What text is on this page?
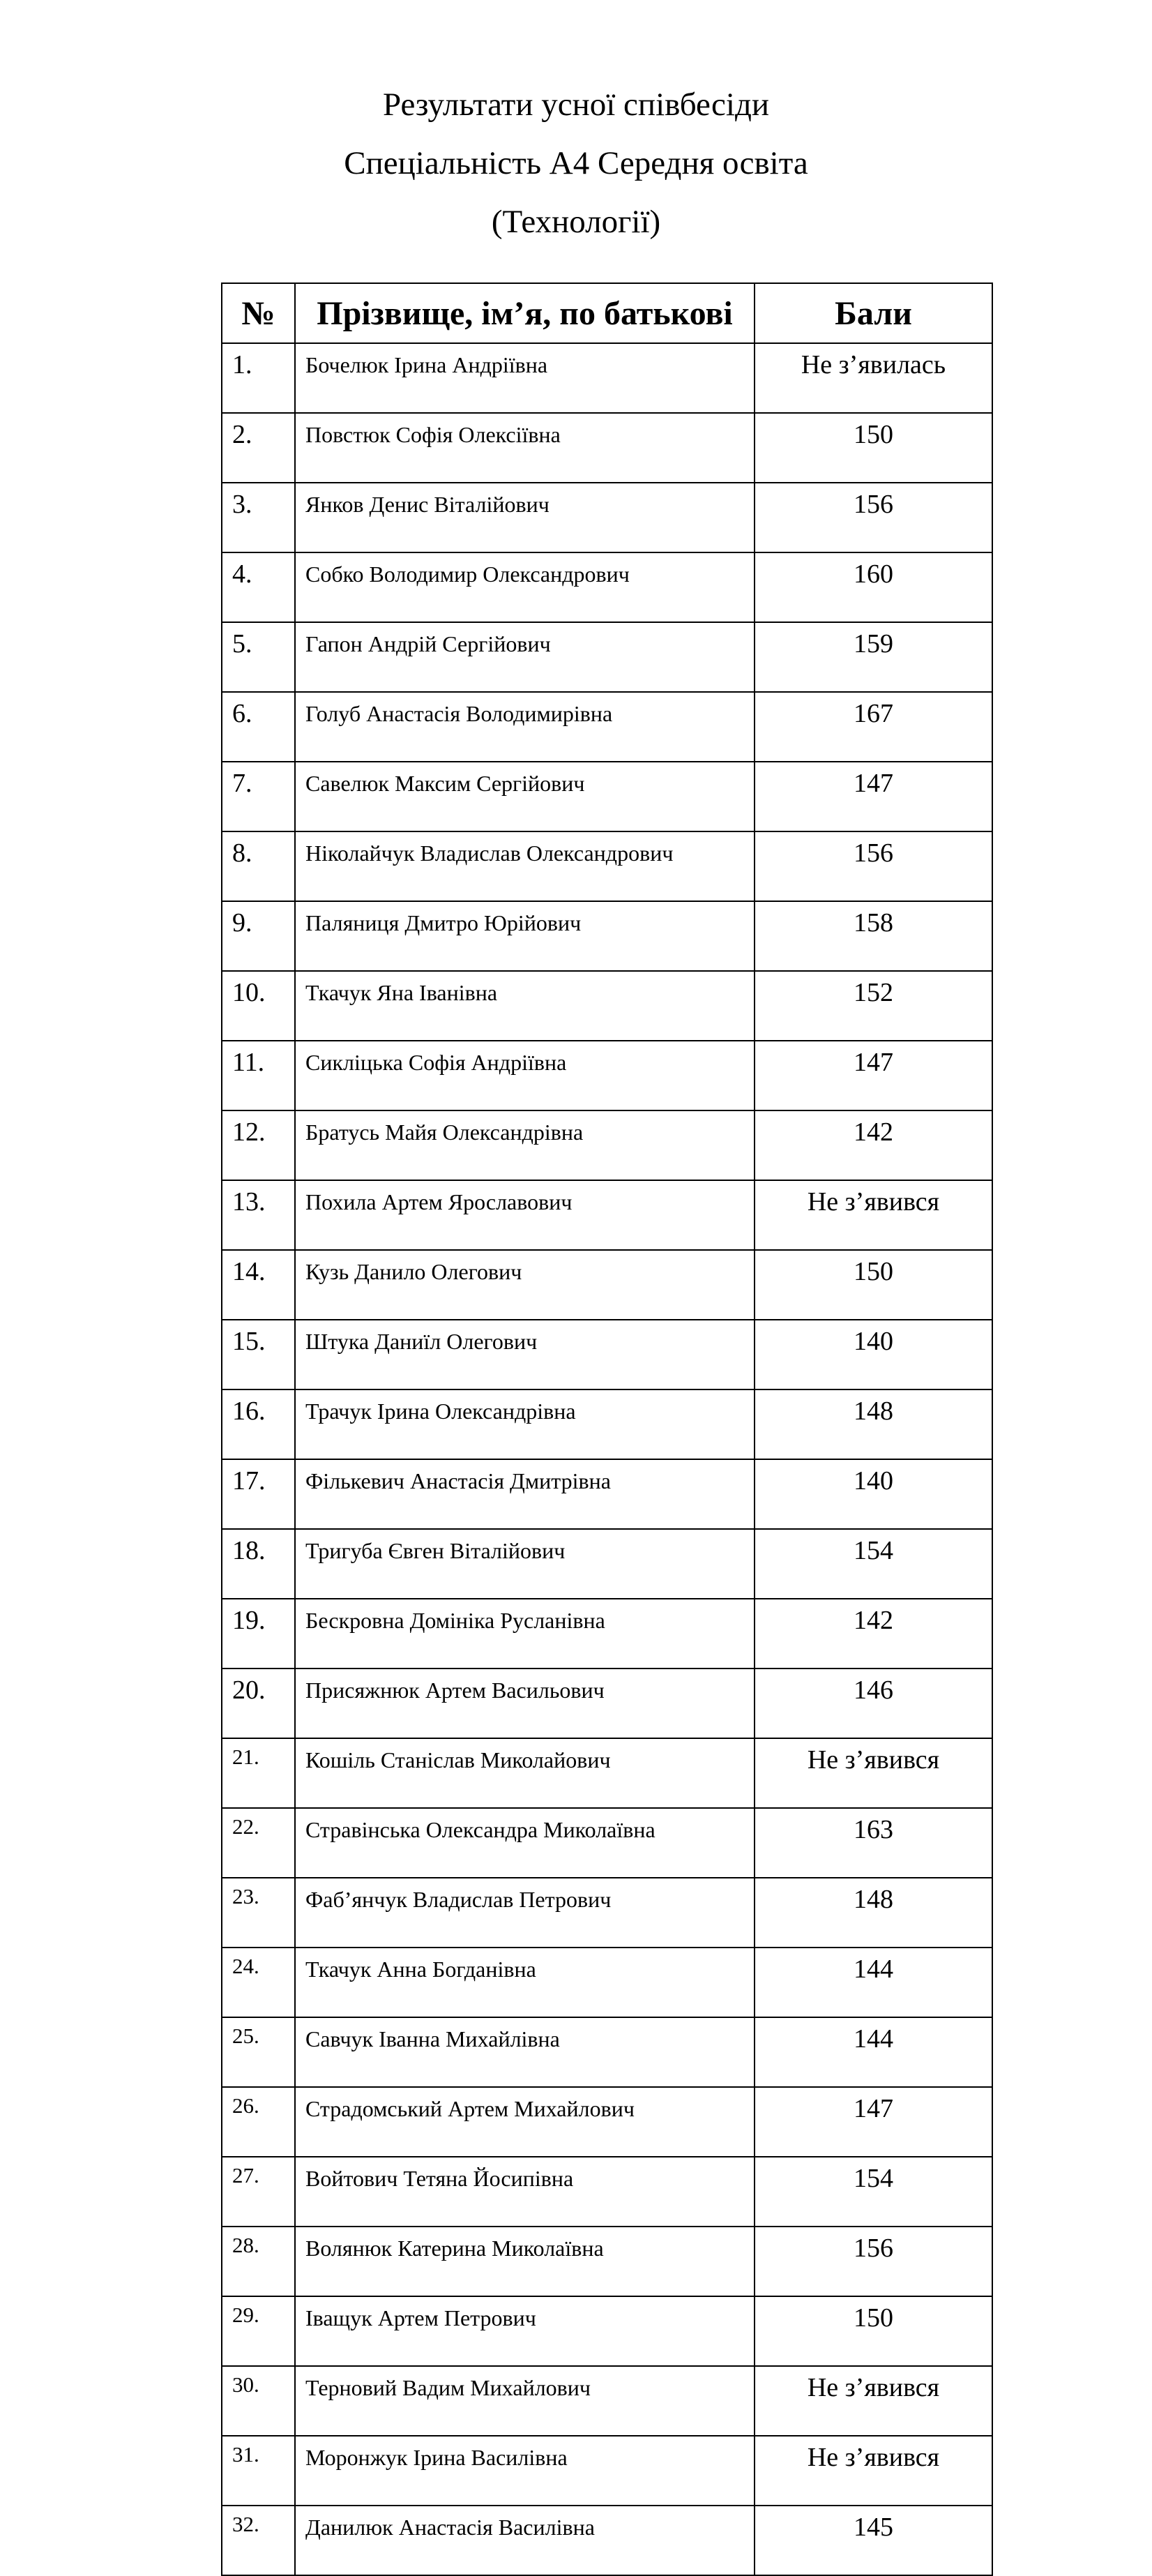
Результати усної співбесіди
Спеціальність А4 Середня освіта
(Технології)
№	Прізвище, ім’я, по батькові	Бали
1.	Бочелюк Ірина Андріївна	Не з’явилась
2.	Повстюк Софія Олексіївна	150
3.	Янков Денис Віталійович	156
4.	Собко Володимир Олександрович	160
5.	Гапон Андрій Сергійович	159
6.	Голуб Анастасія Володимирівна	167
7.	Савелюк Максим Сергійович	147
8.	Ніколайчук Владислав Олександрович	156
9.	Паляниця Дмитро Юрійович	158
10.	Ткачук Яна Іванівна	152
11.	Сикліцька Софія Андріївна	147
12.	Братусь Майя Олександрівна	142
13.	Похила Артем Ярославович	Не з’явився
14.	Кузь Данило Олегович	150
15.	Штука Даниїл Олегович	140
16.	Трачук Ірина Олександрівна	148
17.	Фількевич Анастасія Дмитрівна	140
18.	Тригуба Євген Віталійович	154
19.	Бескровна Домініка Русланівна	142
20.	Присяжнюк Артем Васильович	146
21.	Кошіль Станіслав Миколайович	Не з’явився
22.	Стравінська Олександра Миколаївна	163
23.	Фаб’янчук Владислав Петрович	148
24.	Ткачук Анна Богданівна	144
25.	Савчук Іванна Михайлівна	144
26.	Страдомський Артем Михайлович	147
27.	Войтович Тетяна Йосипівна	154
28.	Волянюк Катерина Миколаївна	156
29.	Іващук Артем Петрович	150
30.	Терновий Вадим Михайлович	Не з’явився
31.	Моронжук Ірина Василівна	Не з’явився
32.	Данилюк Анастасія Василівна	145
